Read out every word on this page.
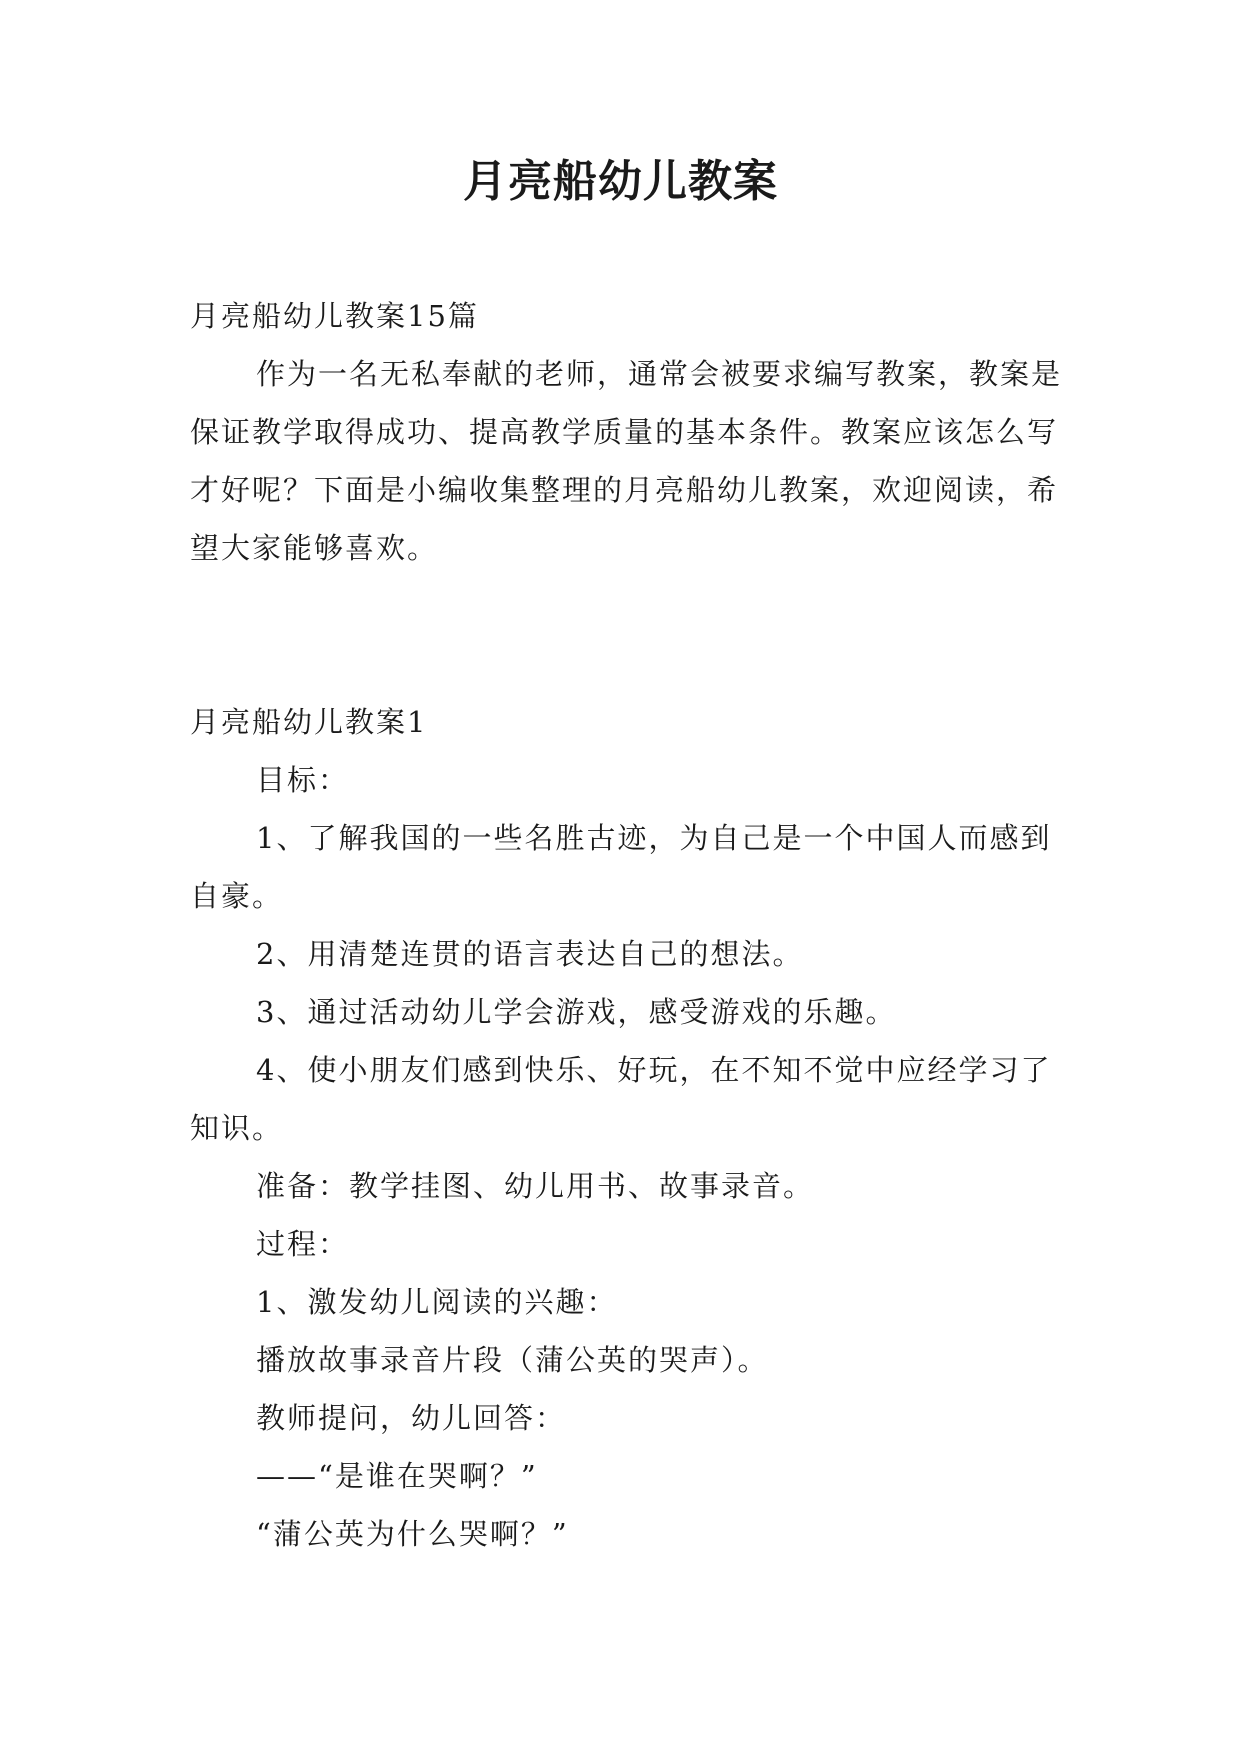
月亮船幼儿教案

月亮船幼儿教案15篇

作为一名无私奉献的老师，通常会被要求编写教案，教案是保证教学取得成功、提高教学质量的基本条件。教案应该怎么写才好呢？下面是小编收集整理的月亮船幼儿教案，欢迎阅读，希望大家能够喜欢。

月亮船幼儿教案1

目标：

1、了解我国的一些名胜古迹，为自己是一个中国人而感到自豪。

2、用清楚连贯的语言表达自己的想法。

3、通过活动幼儿学会游戏，感受游戏的乐趣。

4、使小朋友们感到快乐、好玩，在不知不觉中应经学习了知识。

准备：教学挂图、幼儿用书、故事录音。

过程：

1、激发幼儿阅读的兴趣：

播放故事录音片段（蒲公英的哭声）。

教师提问，幼儿回答：

——“是谁在哭啊？”

“蒲公英为什么哭啊？”
